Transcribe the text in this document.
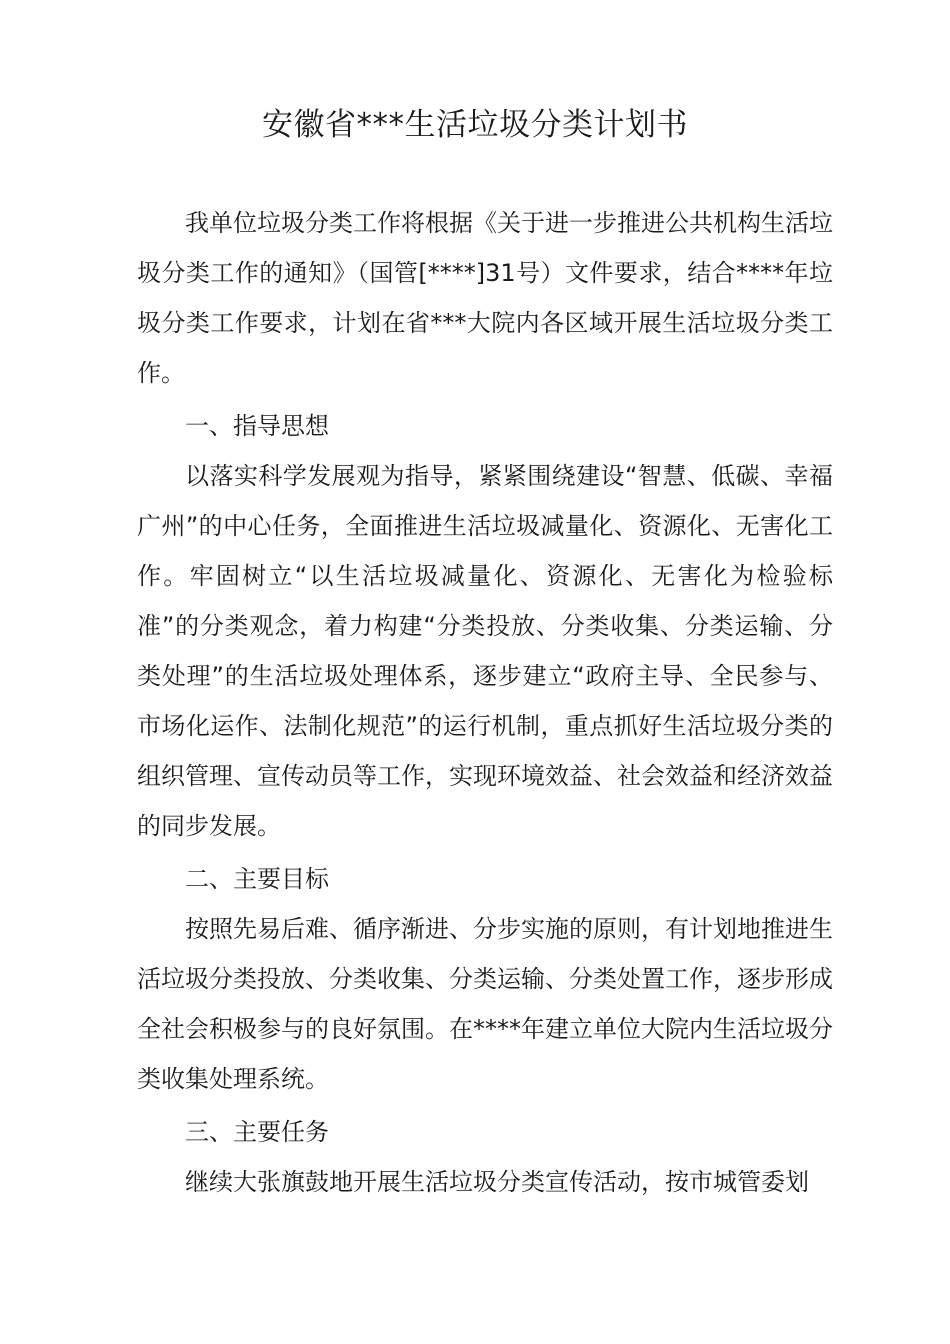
安徽省***生活垃圾分类计划书

我单位垃圾分类工作将根据《关于进一步推进公共机构生活垃圾分类工作的通知》（国管[****]31号）文件要求，结合****年垃圾分类工作要求，计划在省***大院内各区域开展生活垃圾分类工作。

一、指导思想

以落实科学发展观为指导，紧紧围绕建设“智慧、低碳、幸福广州”的中心任务，全面推进生活垃圾减量化、资源化、无害化工作。牢固树立“以生活垃圾减量化、资源化、无害化为检验标准”的分类观念，着力构建“分类投放、分类收集、分类运输、分类处理”的生活垃圾处理体系，逐步建立“政府主导、全民参与、市场化运作、法制化规范”的运行机制，重点抓好生活垃圾分类的组织管理、宣传动员等工作，实现环境效益、社会效益和经济效益的同步发展。

二、主要目标

按照先易后难、循序渐进、分步实施的原则，有计划地推进生活垃圾分类投放、分类收集、分类运输、分类处置工作，逐步形成全社会积极参与的良好氛围。在****年建立单位大院内生活垃圾分类收集处理系统。

三、主要任务

继续大张旗鼓地开展生活垃圾分类宣传活动，按市城管委划
